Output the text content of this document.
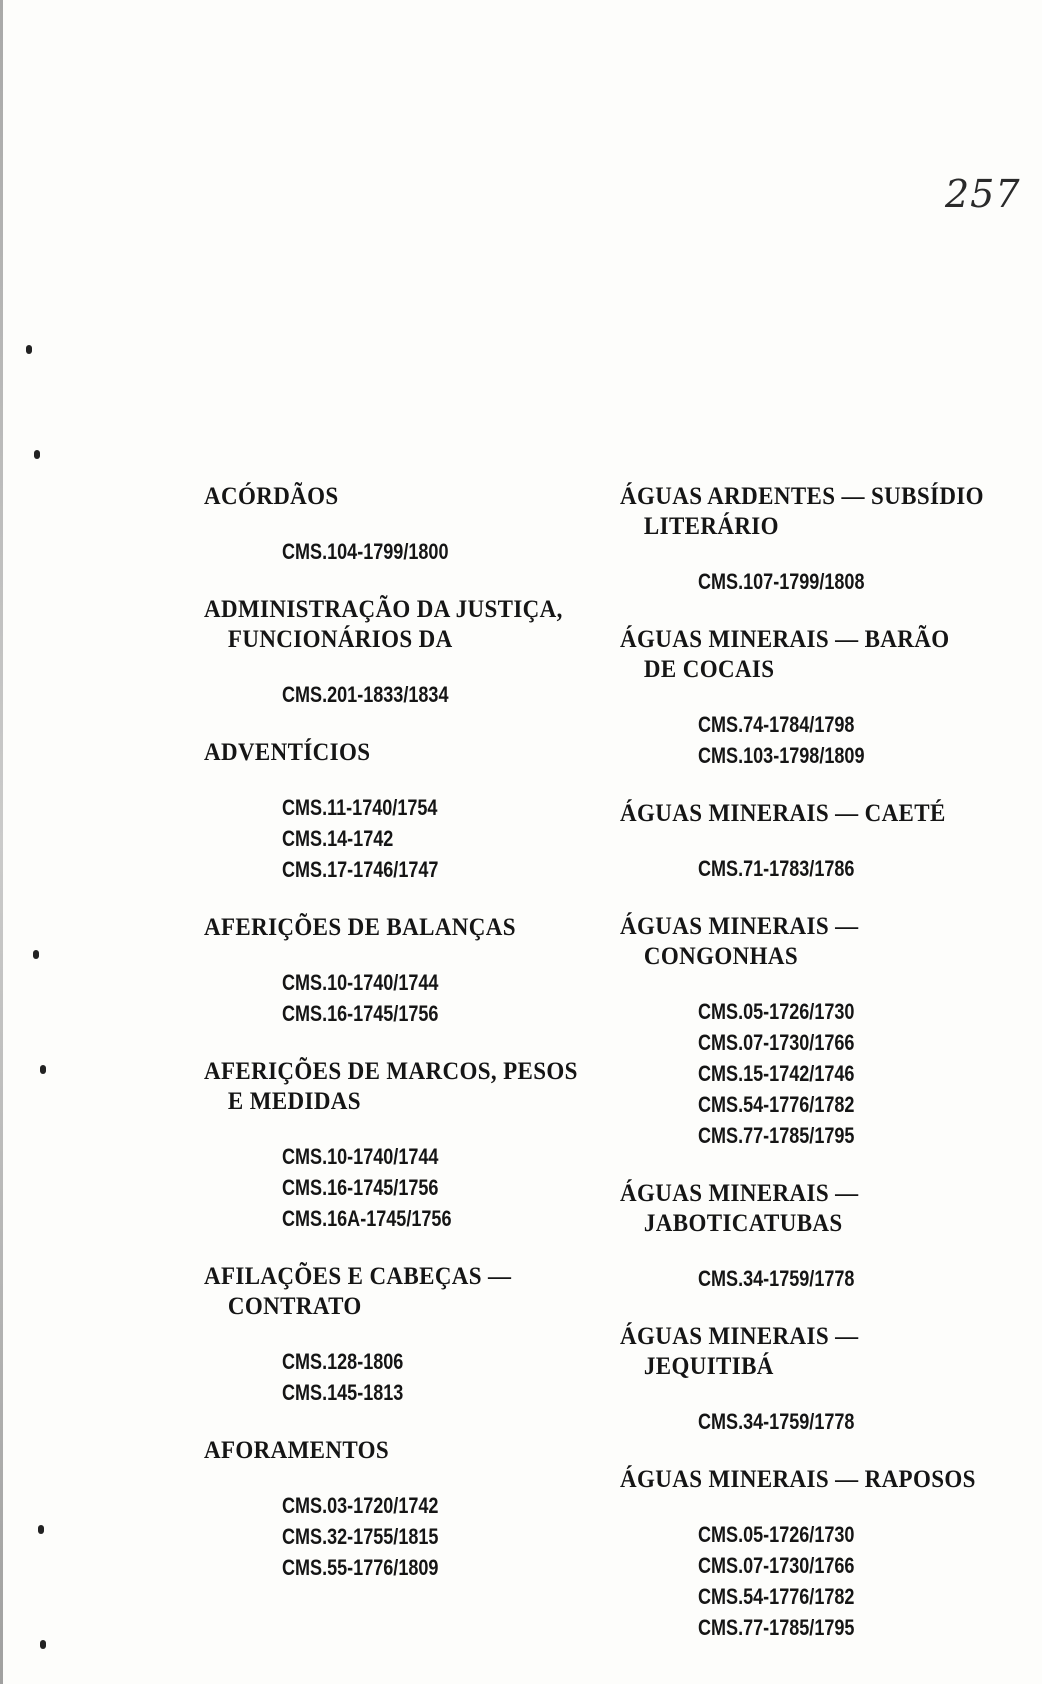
257
ACÓRDÃOS
CMS.104-1799/1800
ADMINISTRAÇÃO DA JUSTIÇA,
FUNCIONÁRIOS DA
CMS.201-1833/1834
ADVENTÍCIOS
CMS.11-1740/1754
CMS.14-1742
CMS.17-1746/1747
AFERIÇÕES DE BALANÇAS
CMS.10-1740/1744
CMS.16-1745/1756
AFERIÇÕES DE MARCOS, PESOS
E MEDIDAS
CMS.10-1740/1744
CMS.16-1745/1756
CMS.16A-1745/1756
AFILAÇÕES E CABEÇAS —
CONTRATO
CMS.128-1806
CMS.145-1813
AFORAMENTOS
CMS.03-1720/1742
CMS.32-1755/1815
CMS.55-1776/1809
ÁGUAS ARDENTES — SUBSÍDIO
LITERÁRIO
CMS.107-1799/1808
ÁGUAS MINERAIS — BARÃO
DE COCAIS
CMS.74-1784/1798
CMS.103-1798/1809
ÁGUAS MINERAIS — CAETÉ
CMS.71-1783/1786
ÁGUAS MINERAIS —
CONGONHAS
CMS.05-1726/1730
CMS.07-1730/1766
CMS.15-1742/1746
CMS.54-1776/1782
CMS.77-1785/1795
ÁGUAS MINERAIS —
JABOTICATUBAS
CMS.34-1759/1778
ÁGUAS MINERAIS —
JEQUITIBÁ
CMS.34-1759/1778
ÁGUAS MINERAIS — RAPOSOS
CMS.05-1726/1730
CMS.07-1730/1766
CMS.54-1776/1782
CMS.77-1785/1795
